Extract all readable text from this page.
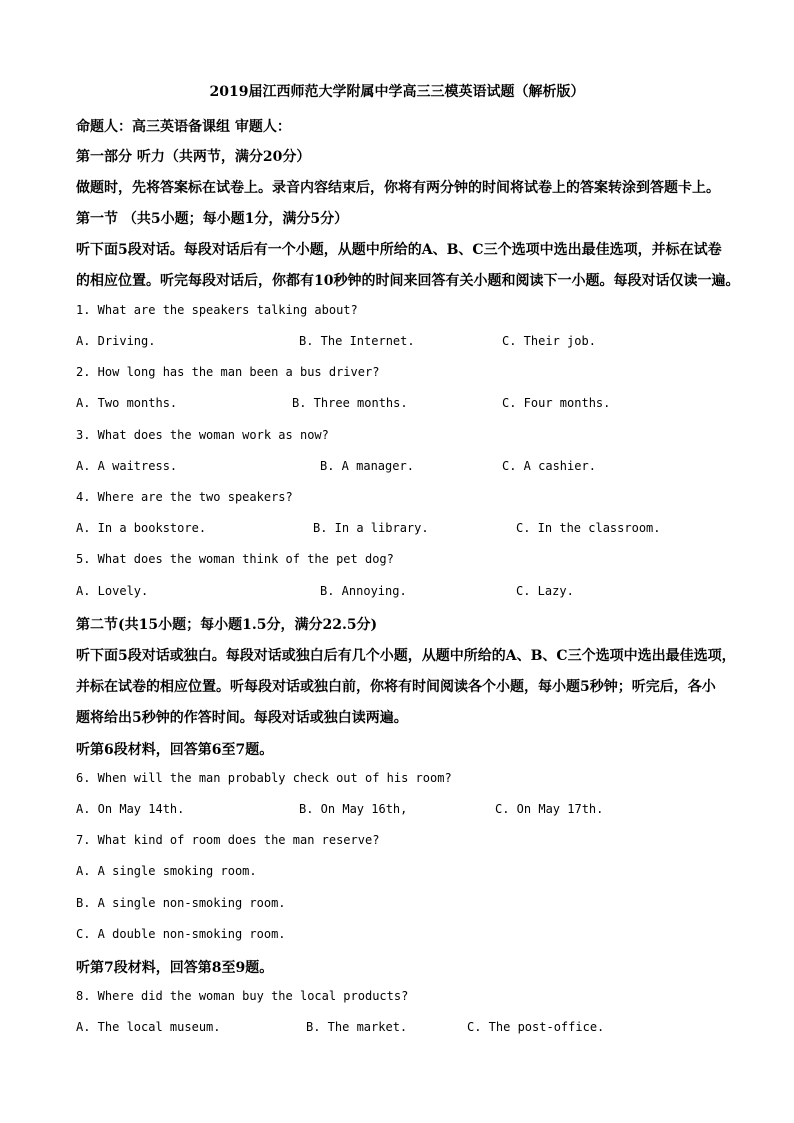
2019届江西师范大学附属中学高三三模英语试题（解析版）
命题人：高三英语备课组 审题人：
第一部分 听力（共两节，满分20分）
做题时，先将答案标在试卷上。录音内容结束后，你将有两分钟的时间将试卷上的答案转涂到答题卡上。
第一节 （共5小题；每小题1分，满分5分）
听下面5段对话。每段对话后有一个小题，从题中所给的A、B、C三个选项中选出最佳选项，并标在试卷
的相应位置。听完每段对话后，你都有10秒钟的时间来回答有关小题和阅读下一小题。每段对话仅读一遍。
1. What are the speakers talking about?
A. Driving.	B. The Internet.	C. Their job.
2. How long has the man been a bus driver?
A. Two months.	B. Three months.	C. Four months.
3. What does the woman work as now?
A. A waitress.	B. A manager.	C. A cashier.
4. Where are the two speakers?
A. In a bookstore.	B. In a library.	C. In the classroom.
5. What does the woman think of the pet dog?
A. Lovely.	B. Annoying.	C. Lazy.
第二节(共15小题；每小题1.5分，满分22.5分)
听下面5段对话或独白。每段对话或独白后有几个小题，从题中所给的A、B、C三个选项中选出最佳选项，
并标在试卷的相应位置。听每段对话或独白前，你将有时间阅读各个小题，每小题5秒钟；听完后，各小
题将给出5秒钟的作答时间。每段对话或独白读两遍。
听第6段材料，回答第6至7题。
6. When will the man probably check out of his room?
A. On May 14th.	B. On May 16th,	C. On May 17th.
7. What kind of room does the man reserve?
A. A single smoking room.
B. A single non-smoking room.
C. A double non-smoking room.
听第7段材料，回答第8至9题。
8. Where did the woman buy the local products?
A. The local museum.	B. The market.	C. The post-office.
